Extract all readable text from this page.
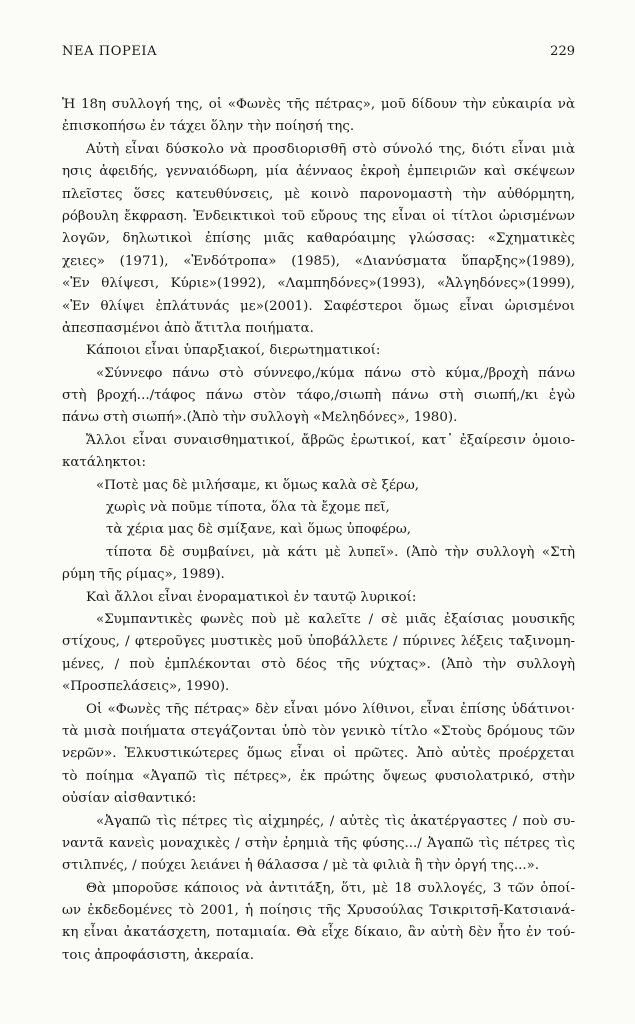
ΝΕΑ ΠΟΡΕΙΑ	229
Ἡ 18η συλλογή της, οἱ «Φωνὲς τῆς πέτρας», μοῦ δίδουν τὴν εὐκαιρία νὰ
ἐπισκοπήσω ἐν τάχει ὅλην τὴν ποίησή της.
Αὐτὴ εἶναι δύσκολο νὰ προσδιορισθῆ στὸ σύνολό της, διότι εἶναι μιὰ
ησις ἀφειδής, γενναιόδωρη, μία ἀένναος ἐκροὴ ἐμπειριῶν καὶ σκέψεων
πλεῖστες ὅσες κατευθύνσεις, μὲ κοινὸ παρονομαστὴ τὴν αὐθόρμητη,
ρόβουλη ἔκφραση. Ἐνδεικτικοὶ τοῦ εὔρους της εἶναι οἱ τίτλοι ὡρισμένων
λογῶν, δηλωτικοὶ ἐπίσης μιᾶς καθαρόαιμης γλώσσας: «Σχηματικὲς
χειες» (1971), «Ἐνδότροπα» (1985), «Διανύσματα ὕπαρξης»(1989),
«Ἐν θλίψεσι, Κύριε»(1992), «Λαμπηδόνες»(1993), «Ἀλγηδόνες»(1999),
«Ἐν θλίψει ἐπλάτυνάς με»(2001). Σαφέστεροι ὅμως εἶναι ὡρισμένοι
ἀπεσπασμένοι ἀπὸ ἄτιτλα ποιήματα.
Κάποιοι εἶναι ὑπαρξιακοί, διερωτηματικοί:
«Σύννεφο πάνω στὸ σύννεφο,/κύμα πάνω στὸ κύμα,/βροχὴ πάνω
στὴ βροχή.../τάφος πάνω στὸν τάφο,/σιωπὴ πάνω στὴ σιωπή,/κι ἐγὼ
πάνω στὴ σιωπή».(Ἀπὸ τὴν συλλογὴ «Μεληδόνες», 1980).
Ἄλλοι εἶναι συναισθηματικοί, ἄβρῶς ἐρωτικοί, κατ᾽ ἐξαίρεσιν ὁμοιο-
κατάληκτοι:
«Ποτὲ μας δὲ μιλήσαμε, κι ὅμως καλὰ σὲ ξέρω,
χωρὶς νὰ ποῦμε τίποτα, ὅλα τὰ ἔχομε πεῖ,
τὰ χέρια μας δὲ σμίξανε, καὶ ὅμως ὑποφέρω,
τίποτα δὲ συμβαίνει, μὰ κάτι μὲ λυπεῖ». (Ἀπὸ τὴν συλλογὴ «Στὴ
ρύμη τῆς ρίμας», 1989).
Καὶ ἄλλοι εἶναι ἐνοραματικοὶ ἐν ταυτῷ λυρικοί:
«Συμπαντικὲς φωνὲς ποὺ μὲ καλεῖτε / σὲ μιᾶς ἐξαίσιας μουσικῆς
στίχους, / φτεροῦγες μυστικὲς μοῦ ὑποβάλλετε / πύρινες λέξεις ταξινομη-
μένες, / ποὺ ἐμπλέκονται στὸ δέος τῆς νύχτας». (Ἀπὸ τὴν συλλογὴ
«Προσπελάσεις», 1990).
Οἱ «Φωνὲς τῆς πέτρας» δὲν εἶναι μόνο λίθινοι, εἶναι ἐπίσης ὑδάτινοι·
τὰ μισὰ ποιήματα στεγάζονται ὑπὸ τὸν γενικὸ τίτλο «Στοὺς δρόμους τῶν
νερῶν». Ἑλκυστικώτερες ὅμως εἶναι οἱ πρῶτες. Ἀπὸ αὐτὲς προέρχεται
τὸ ποίημα «Ἀγαπῶ τὶς πέτρες», ἐκ πρώτης ὄψεως φυσιολατρικό, στὴν
οὐσίαν αἰσθαντικό:
«Ἀγαπῶ τὶς πέτρες τὶς αἰχμηρές, / αὐτὲς τὶς ἀκατέργαστες / ποὺ συ-
ναντᾶ κανεὶς μοναχικὲς / στὴν ἐρημιὰ τῆς φύσης.../ Ἀγαπῶ τὶς πέτρες τὶς
στιλπνές, / πούχει λειάνει ἡ θάλασσα / μὲ τὰ φιλιὰ ἢ τὴν ὀργή της...».
Θὰ μποροῦσε κάποιος νὰ ἀντιτάξη, ὅτι, μὲ 18 συλλογές, 3 τῶν ὁποί-
ων ἐκδεδομένες τὸ 2001, ἡ ποίησις τῆς Χρυσούλας Τσικριτσῆ-Κατσιανά-
κη εἶναι ἀκατάσχετη, ποταμιαία. Θὰ εἶχε δίκαιο, ἂν αὐτὴ δὲν ἦτο ἐν τού-
τοις ἀπροφάσιστη, ἀκεραία.
